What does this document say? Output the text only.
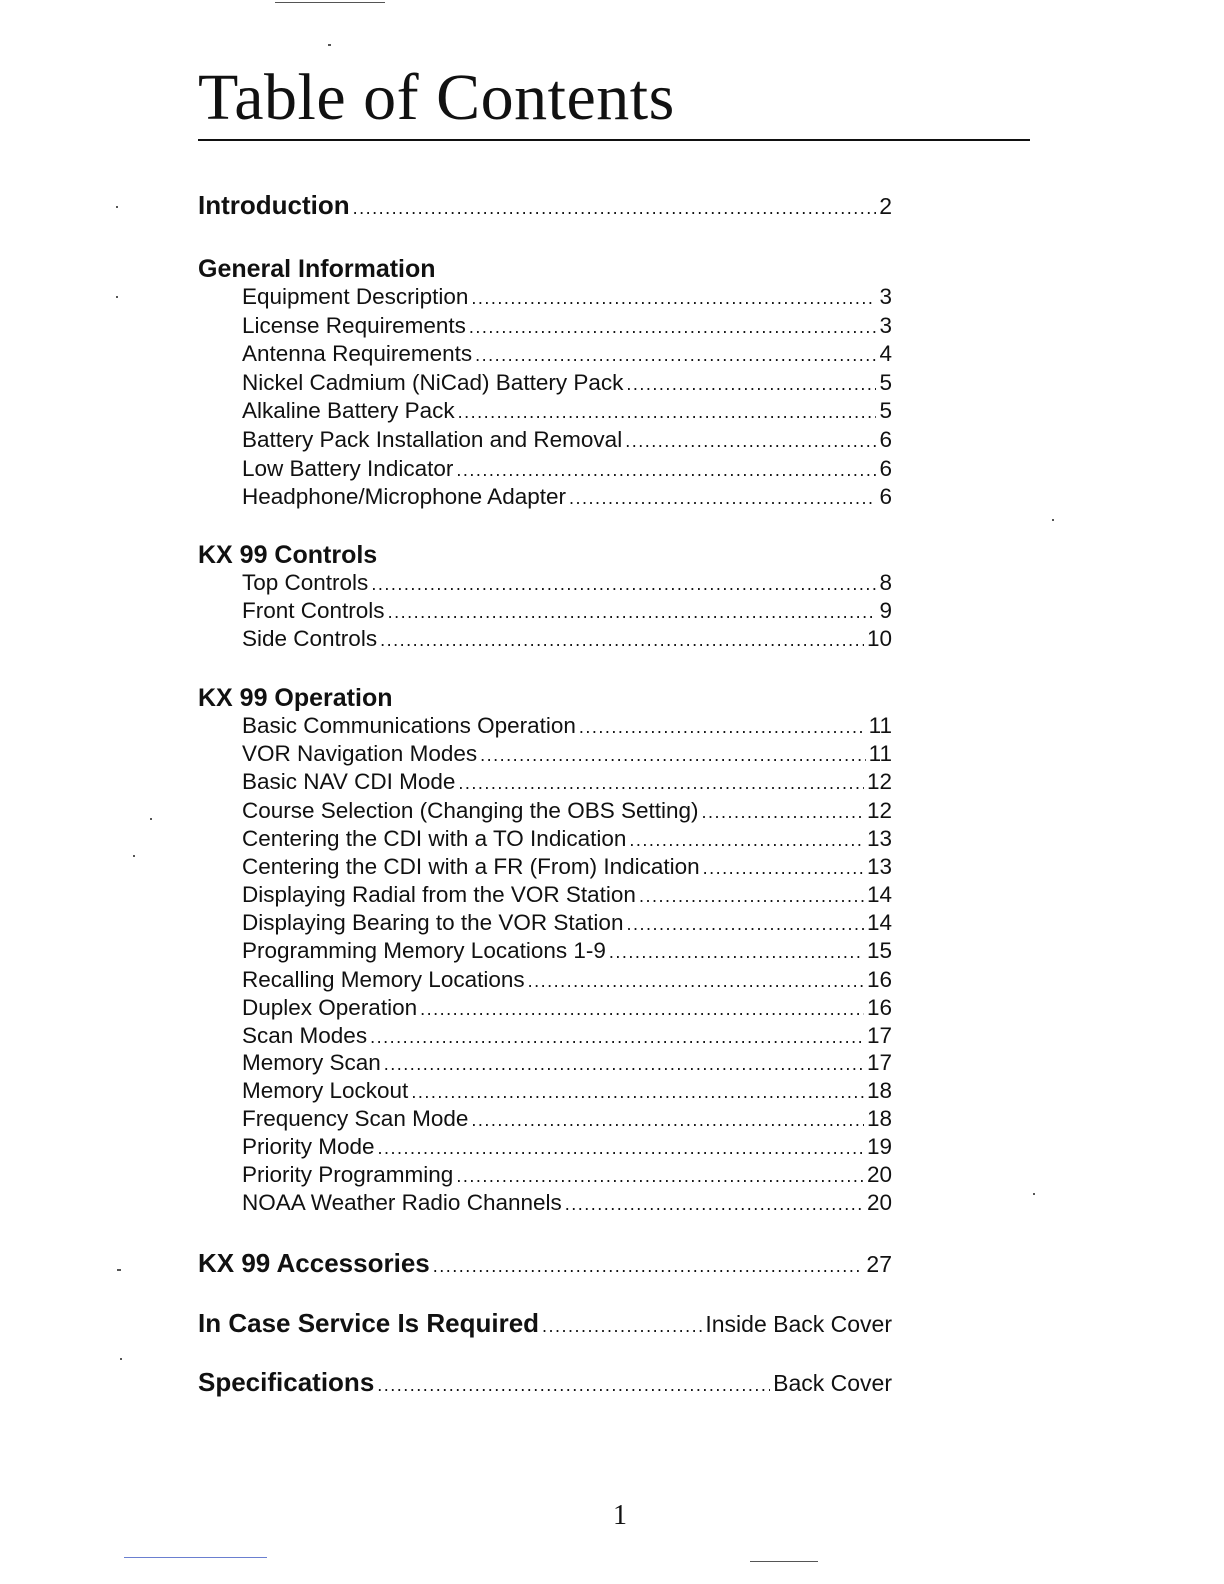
Table of Contents
Introduction .....	2
General Information
Equipment Description .....	3
License Requirements .....	3
Antenna Requirements .....	4
Nickel Cadmium (NiCad) Battery Pack .....	5
Alkaline Battery Pack .....	5
Battery Pack Installation and Removal .....	6
Low Battery Indicator .....	6
Headphone/Microphone Adapter .....	6
KX 99 Controls
Top Controls .....	8
Front Controls .....	9
Side Controls .....	10
KX 99 Operation
Basic Communications Operation .....	11
VOR Navigation Modes .....	11
Basic NAV CDI Mode .....	12
Course Selection (Changing the OBS Setting) .....	12
Centering the CDI with a TO Indication .....	13
Centering the CDI with a FR (From) Indication .....	13
Displaying Radial from the VOR Station .....	14
Displaying Bearing to the VOR Station .....	14
Programming Memory Locations 1-9 .....	15
Recalling Memory Locations .....	16
Duplex Operation .....	16
Scan Modes .....	17
Memory Scan .....	17
Memory Lockout .....	18
Frequency Scan Mode .....	18
Priority Mode .....	19
Priority Programming .....	20
NOAA Weather Radio Channels .....	20
KX 99 Accessories .....	27
In Case Service Is Required .....	Inside Back Cover
Specifications .....	Back Cover
1
